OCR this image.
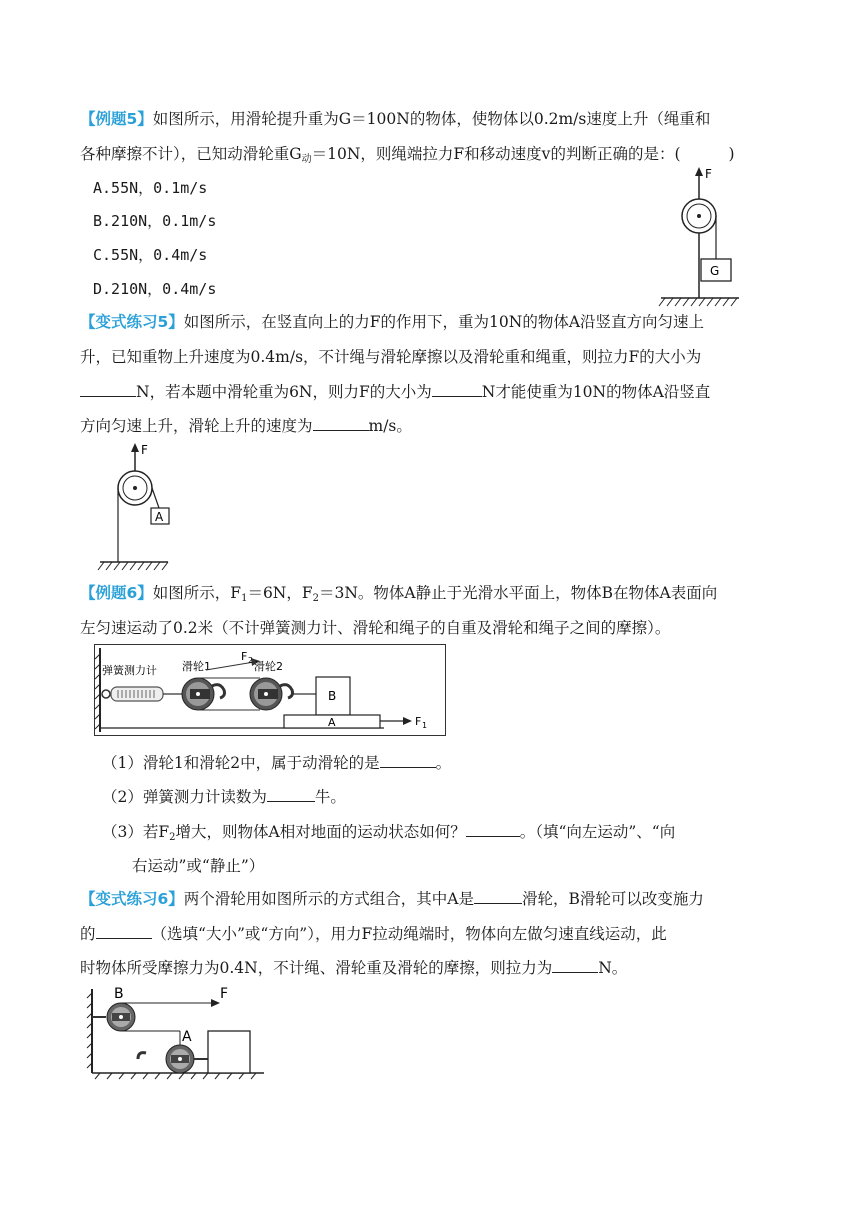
【例题5】如图所示，用滑轮提升重为G＝100N的物体，使物体以0.2m/s速度上升（绳重和
各种摩擦不计），已知动滑轮重$G_动=10N$，则绳端拉力F和移动速度v的判断正确的是：(	)
A.55N，0.1m/s
B.210N，0.1m/s
C.55N，0.4m/s
D.210N，0.4m/s
F
G
【变式练习5】如图所示，在竖直向上的力F的作用下，重为10N的物体A沿竖直方向匀速上
升，已知重物上升速度为0.4m/s，不计绳与滑轮摩擦以及滑轮重和绳重，则拉力F的大小为
N，若本题中滑轮重为6N，则力F的大小为	N才能使重为10N的物体A沿竖直
方向匀速上升，滑轮上升的速度为	m/s。
F
A
【例题6】如图所示，$F_1=6N$，$F_2=3N$。物体A静止于光滑水平面上，物体B在物体A表面向
左匀速运动了0.2米（不计弹簧测力计、滑轮和绳子的自重及滑轮和绳子之间的摩擦）。
弹簧测力计 滑轮1
F 2 滑轮2
B
A	F 1
（1）滑轮1和滑轮2中，属于动滑轮的是	。
（2）弹簧测力计读数为	牛。
（3）若$F_2$增大，则物体A相对地面的运动状态如何？	。（填“向左运动”、“向
右运动”或“静止”）
【变式练习6】两个滑轮用如图所示的方式组合，其中A是	滑轮，B滑轮可以改变施力
的	（选填“大小”或“方向”），用力F拉动绳端时，物体向左做匀速直线运动，此
时物体所受摩擦力为0.4N，不计绳、滑轮重及滑轮的摩擦，则拉力为	N。
B	F
A
